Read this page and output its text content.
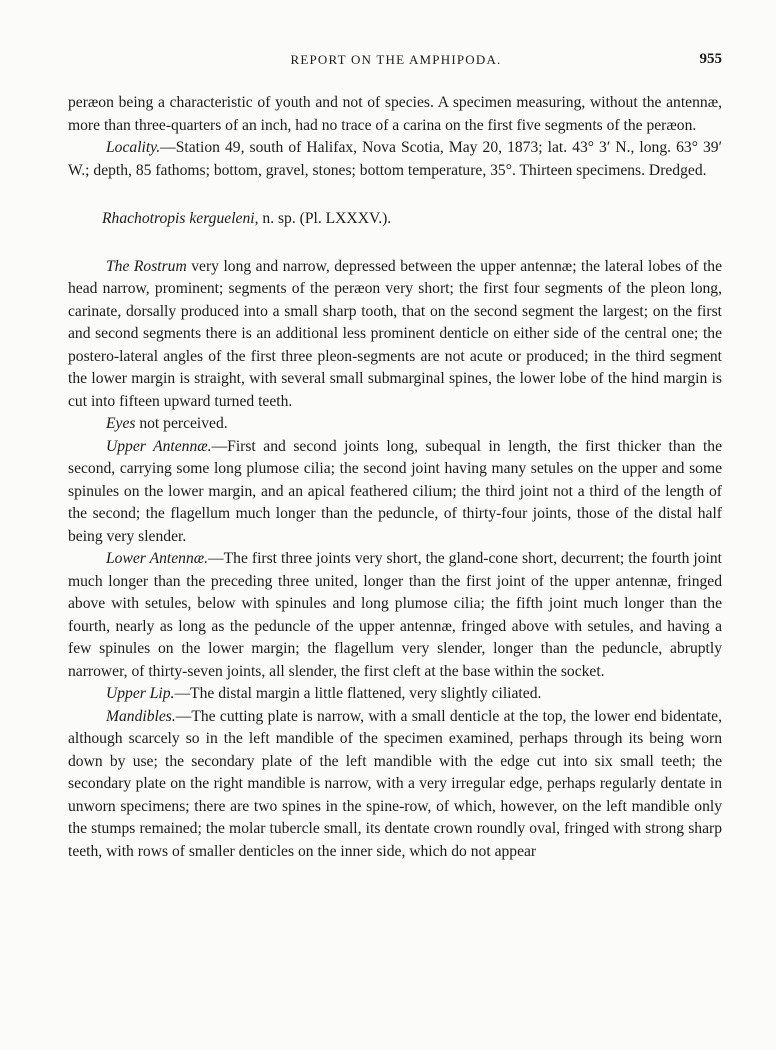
REPORT ON THE AMPHIPODA.	955

peræon being a characteristic of youth and not of species. A specimen measuring, without the antennæ, more than three-quarters of an inch, had no trace of a carina on the first five segments of the peræon.

Locality.—Station 49, south of Halifax, Nova Scotia, May 20, 1873; lat. 43° 3′ N., long. 63° 39′ W.; depth, 85 fathoms; bottom, gravel, stones; bottom temperature, 35°. Thirteen specimens. Dredged.

Rhachotropis kergueleni, n. sp. (Pl. LXXXV.).

The Rostrum very long and narrow, depressed between the upper antennæ; the lateral lobes of the head narrow, prominent; segments of the peræon very short; the first four segments of the pleon long, carinate, dorsally produced into a small sharp tooth, that on the second segment the largest; on the first and second segments there is an additional less prominent denticle on either side of the central one; the postero-lateral angles of the first three pleon-segments are not acute or produced; in the third segment the lower margin is straight, with several small submarginal spines, the lower lobe of the hind margin is cut into fifteen upward turned teeth.

Eyes not perceived.

Upper Antennæ.—First and second joints long, subequal in length, the first thicker than the second, carrying some long plumose cilia; the second joint having many setules on the upper and some spinules on the lower margin, and an apical feathered cilium; the third joint not a third of the length of the second; the flagellum much longer than the peduncle, of thirty-four joints, those of the distal half being very slender.

Lower Antennæ.—The first three joints very short, the gland-cone short, decurrent; the fourth joint much longer than the preceding three united, longer than the first joint of the upper antennæ, fringed above with setules, below with spinules and long plumose cilia; the fifth joint much longer than the fourth, nearly as long as the peduncle of the upper antennæ, fringed above with setules, and having a few spinules on the lower margin; the flagellum very slender, longer than the peduncle, abruptly narrower, of thirty-seven joints, all slender, the first cleft at the base within the socket.

Upper Lip.—The distal margin a little flattened, very slightly ciliated.

Mandibles.—The cutting plate is narrow, with a small denticle at the top, the lower end bidentate, although scarcely so in the left mandible of the specimen examined, perhaps through its being worn down by use; the secondary plate of the left mandible with the edge cut into six small teeth; the secondary plate on the right mandible is narrow, with a very irregular edge, perhaps regularly dentate in unworn specimens; there are two spines in the spine-row, of which, however, on the left mandible only the stumps remained; the molar tubercle small, its dentate crown roundly oval, fringed with strong sharp teeth, with rows of smaller denticles on the inner side, which do not appear
